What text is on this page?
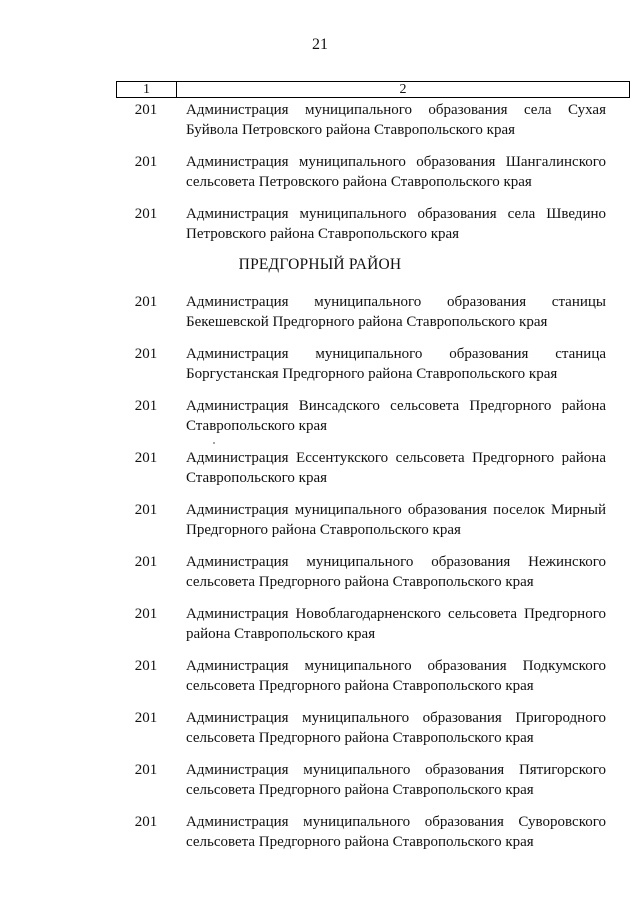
21
1	2
201	Администрация муниципального образования села Сухая Буйвола Петровского района Ставропольского края
201	Администрация муниципального образования Шангалинского сельсовета Петровского района Ставропольского края
201	Администрация муниципального образования села Шведино Петровского района Ставропольского края
ПРЕДГОРНЫЙ РАЙОН
201	Администрация муниципального образования станицы Бекешевской Предгорного района Ставропольского края
201	Администрация муниципального образования станица Боргустанская Предгорного района Ставропольского края
201	Администрация Винсадского сельсовета Предгорного района Ставропольского края
201	Администрация Ессентукского сельсовета Предгорного района Ставропольского края
201	Администрация муниципального образования поселок Мирный Предгорного района Ставропольского края
201	Администрация муниципального образования Нежинского сельсовета Предгорного района Ставропольского края
201	Администрация Новоблагодарненского сельсовета Предгорного района Ставропольского края
201	Администрация муниципального образования Подкумского сельсовета Предгорного района Ставропольского края
201	Администрация муниципального образования Пригородного сельсовета Предгорного района Ставропольского края
201	Администрация муниципального образования Пятигорского сельсовета Предгорного района Ставропольского края
201	Администрация муниципального образования Суворовского сельсовета Предгорного района Ставропольского края
